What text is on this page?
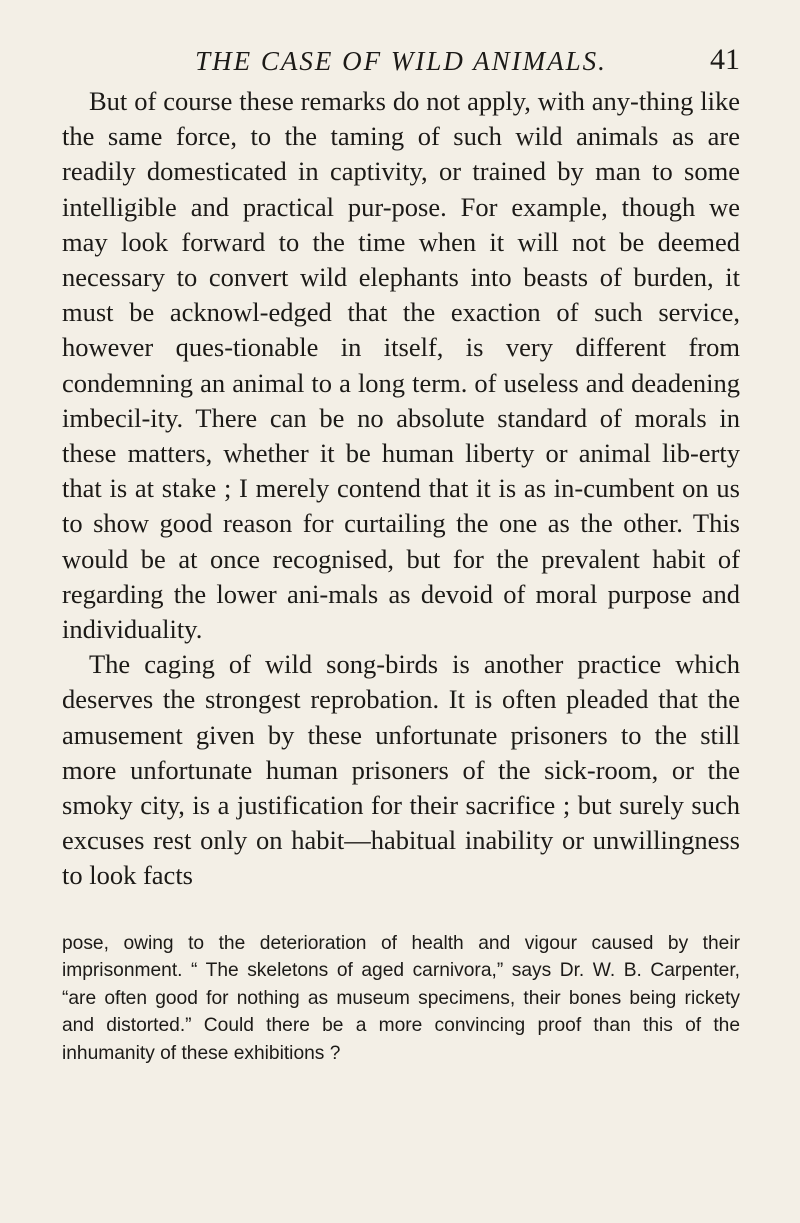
THE CASE OF WILD ANIMALS.	41

But of course these remarks do not apply, with any-thing like the same force, to the taming of such wild animals as are readily domesticated in captivity, or trained by man to some intelligible and practical pur-pose. For example, though we may look forward to the time when it will not be deemed necessary to convert wild elephants into beasts of burden, it must be acknowl-edged that the exaction of such service, however ques-tionable in itself, is very different from condemning an animal to a long term. of useless and deadening imbecil-ity. There can be no absolute standard of morals in these matters, whether it be human liberty or animal lib-erty that is at stake ; I merely contend that it is as in-cumbent on us to show good reason for curtailing the one as the other. This would be at once recognised, but for the prevalent habit of regarding the lower ani-mals as devoid of moral purpose and individuality.

The caging of wild song-birds is another practice which deserves the strongest reprobation. It is often pleaded that the amusement given by these unfortunate prisoners to the still more unfortunate human prisoners of the sick-room, or the smoky city, is a justification for their sacrifice ; but surely such excuses rest only on habit—habitual inability or unwillingness to look facts

pose, owing to the deterioration of health and vigour caused by their imprisonment. “ The skeletons of aged carnivora,” says Dr. W. B. Carpenter, “are often good for nothing as museum specimens, their bones being rickety and distorted.” Could there be a more convincing proof than this of the inhumanity of these exhibitions ?
